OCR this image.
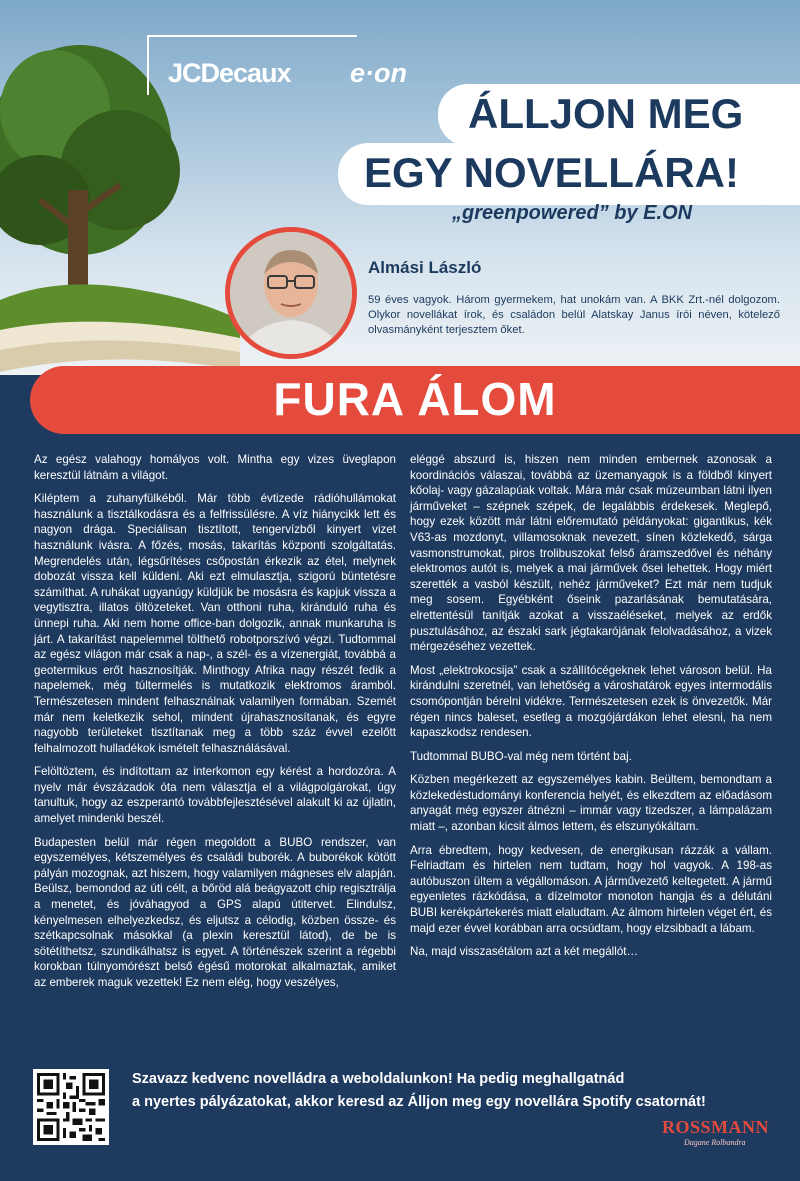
JCDecaux e·on
ÁLLJON MEG
EGY NOVELLÁRA!
„greenpowered” by E.ON
Almási László
59 éves vagyok. Három gyermekem, hat unokám van. A BKK Zrt.-nél dolgozom. Olykor novellákat írok, és családon belül Alatskay Janus írói néven, kötelező olvasmányként terjesztem őket.
FURA ÁLOM

Az egész valahogy homályos volt. Mintha egy vizes üveglapon keresztül látnám a világot.

Kiléptem a zuhanyfülkéből. Már több évtizede rádióhullámokat használunk a tisztálkodásra és a felfrissülésre. A víz hiánycikk lett és nagyon drága. Speciálisan tisztított, tengervízből kinyert vizet használunk ivásra. A főzés, mosás, takarítás központi szolgáltatás. Megrendelés után, légsűrítéses csőpostán érkezik az étel, melynek dobozát vissza kell küldeni. Aki ezt elmulasztja, szigorú büntetésre számíthat. A ruhákat ugyanúgy küldjük be mosásra és kapjuk vissza a vegytisztra, illatos öltözeteket. Van otthoni ruha, kiránduló ruha és ünnepi ruha. Aki nem home office-ban dolgozik, annak munkaruha is járt. A takarítást napelemmel tölthető robotporszívó végzi. Tudtommal az egész világon már csak a nap-, a szél- és a vízenergiát, továbbá a geotermikus erőt hasznosítják. Minthogy Afrika nagy részét fedik a napelemek, még túltermelés is mutatkozik elektromos áramból. Természetesen mindent felhasználnak valamilyen formában. Szemét már nem keletkezik sehol, mindent újrahasznosítanak, és egyre nagyobb területeket tisztítanak meg a több száz évvel ezelőtt felhalmozott hulladékok ismételt felhasználásával.

Felöltöztem, és indítottam az interkomon egy kérést a hordozóra. A nyelv már évszázadok óta nem választja el a világpolgárokat, úgy tanultuk, hogy az eszperantó továbbfejlesztésével alakult ki az újlatin, amelyet mindenki beszél.

Budapesten belül már régen megoldott a BUBO rendszer, van egyszemélyes, kétszemélyes és családi buborék. A buborékok kötött pályán mozognak, azt hiszem, hogy valamilyen mágneses elv alapján. Beülsz, bemondod az úti célt, a bőröd alá beágyazott chip regisztrálja a menetet, és jóváhagyod a GPS alapú útitervet. Elindulsz, kényelmesen elhelyezkedsz, és eljutsz a célodig, közben össze- és szétkapcsolnak másokkal (a plexin keresztül látod), de be is sötétíthetsz, szundikálhatsz is egyet. A történészek szerint a régebbi korokban túlnyomórészt belső égésű motorokat alkalmaztak, amiket az emberek maguk vezettek! Ez nem elég, hogy veszélyes,

eléggé abszurd is, hiszen nem minden embernek azonosak a koordinációs válaszai, továbbá az üzemanyagok is a földből kinyert kőolaj- vagy gázalapúak voltak. Mára már csak múzeumban látni ilyen járműveket – szépnek szépek, de legalábbis érdekesek. Meglepő, hogy ezek között már látni előremutató példányokat: gigantikus, kék V63-as mozdonyt, villamosoknak nevezett, sínen közlekedő, sárga vasmonstrumokat, piros trolibuszokat felső áramszedővel és néhány elektromos autót is, melyek a mai járművek ősei lehettek. Hogy miért szerették a vasból készült, nehéz járműveket? Ezt már nem tudjuk meg sosem. Egyébként őseink pazarlásának bemutatására, elrettentésül tanítják azokat a visszaéléseket, melyek az erdők pusztulásához, az északi sark jégtakarójának felolvadásához, a vizek mérgezéséhez vezettek.

Most „elektrokocsija” csak a szállítócégeknek lehet városon belül. Ha kirándulni szeretnél, van lehetőség a városhatárok egyes intermodális csomópontján bérelni vidékre. Természetesen ezek is önvezetők. Már régen nincs baleset, esetleg a mozgójárdákon lehet elesni, ha nem kapaszkodsz rendesen.

Tudtommal BUBO-val még nem történt baj.

Közben megérkezett az egyszemélyes kabin. Beültem, bemondtam a közlekedéstudományi konferencia helyét, és elkezdtem az előadásom anyagát még egyszer átnézni – immár vagy tizedszer, a lámpalázam miatt –, azonban kicsit álmos lettem, és elszunyókáltam.

Arra ébredtem, hogy kedvesen, de energikusan rázzák a vállam. Felriadtam és hirtelen nem tudtam, hogy hol vagyok. A 198-as autóbuszon ültem a végállomáson. A járművezető keltegetett. A jármű egyenletes rázkódása, a dízelmotor monoton hangja és a délutáni BUBI kerékpártekerés miatt elaludtam. Az álmom hirtelen véget ért, és majd ezer évvel korábban arra ocsúdtam, hogy elzsibbadt a lábam.

Na, majd visszasétálom azt a két megállót…

Szavazz kedvenc novelládra a weboldalunkon! Ha pedig meghallgatnád
a nyertes pályázatokat, akkor keresd az Álljon meg egy novellára Spotify csatornát!
ROSSMANN
Dagane Rolbandra
